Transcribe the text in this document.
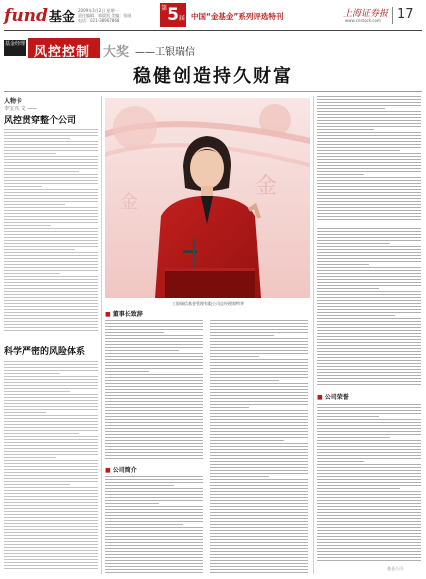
fund基金 2009年3月2日 星期一
责任编辑：郭晨凯 美编：张丽
电话：021-38967868
$^第$5届 中国“金基金”系列评选特刊	上海证券报
www.cnstock.com 17
基金经理
风控控制 大奖 ——工银瑞信
稳健创造持久财富
人物卡
李宝兴 文 ——
风控贯穿整个公司
科学严密的风险体系
金
金
工银瑞信基金管理有限公司总经理郭特华
■ 董事长致辞
■ 公司简介
■ 公司荣誉
基金公司
